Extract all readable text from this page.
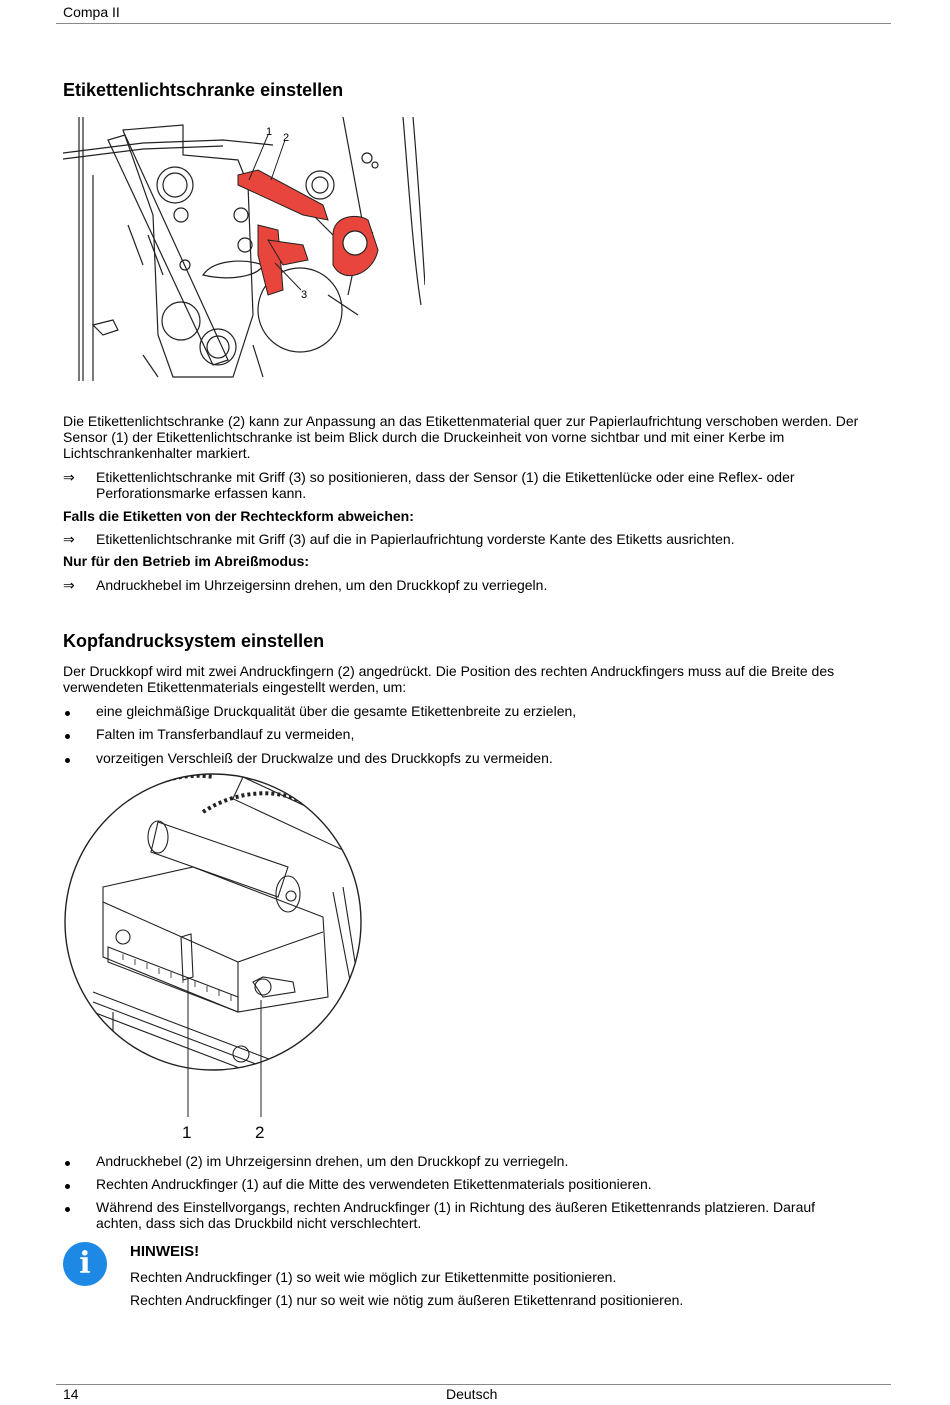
Compa II
Etikettenlichtschranke einstellen
1 2
3
Die Etikettenlichtschranke (2) kann zur Anpassung an das Etikettenmaterial quer zur Papierlaufrichtung verschoben werden. Der Sensor (1) der Etikettenlichtschranke ist beim Blick durch die Druckeinheit von vorne sichtbar und mit einer Kerbe im Lichtschrankenhalter markiert.
⇒	Etikettenlichtschranke mit Griff (3) so positionieren, dass der Sensor (1) die Etikettenlücke oder eine Reflex- oder Perforationsmarke erfassen kann.
Falls die Etiketten von der Rechteckform abweichen:
⇒	Etikettenlichtschranke mit Griff (3) auf die in Papierlaufrichtung vorderste Kante des Etiketts ausrichten.
Nur für den Betrieb im Abreißmodus:
⇒	Andruckhebel im Uhrzeigersinn drehen, um den Druckkopf zu verriegeln.
Kopfandrucksystem einstellen
Der Druckkopf wird mit zwei Andruckfingern (2) angedrückt. Die Position des rechten Andruckfingers muss auf die Breite des verwendeten Etikettenmaterials eingestellt werden, um:
eine gleichmäßige Druckqualität über die gesamte Etikettenbreite zu erzielen,
Falten im Transferbandlauf zu vermeiden,
vorzeitigen Verschleiß der Druckwalze und des Druckkopfs zu vermeiden.
1	2
Andruckhebel (2) im Uhrzeigersinn drehen, um den Druckkopf zu verriegeln.
Rechten Andruckfinger (1) auf die Mitte des verwendeten Etikettenmaterials positionieren.
Während des Einstellvorgangs, rechten Andruckfinger (1) in Richtung des äußeren Etikettenrands platzieren. Darauf achten, dass sich das Druckbild nicht verschlechtert.
i	HINWEIS!
Rechten Andruckfinger (1) so weit wie möglich zur Etikettenmitte positionieren.
Rechten Andruckfinger (1) nur so weit wie nötig zum äußeren Etikettenrand positionieren.
14	Deutsch
